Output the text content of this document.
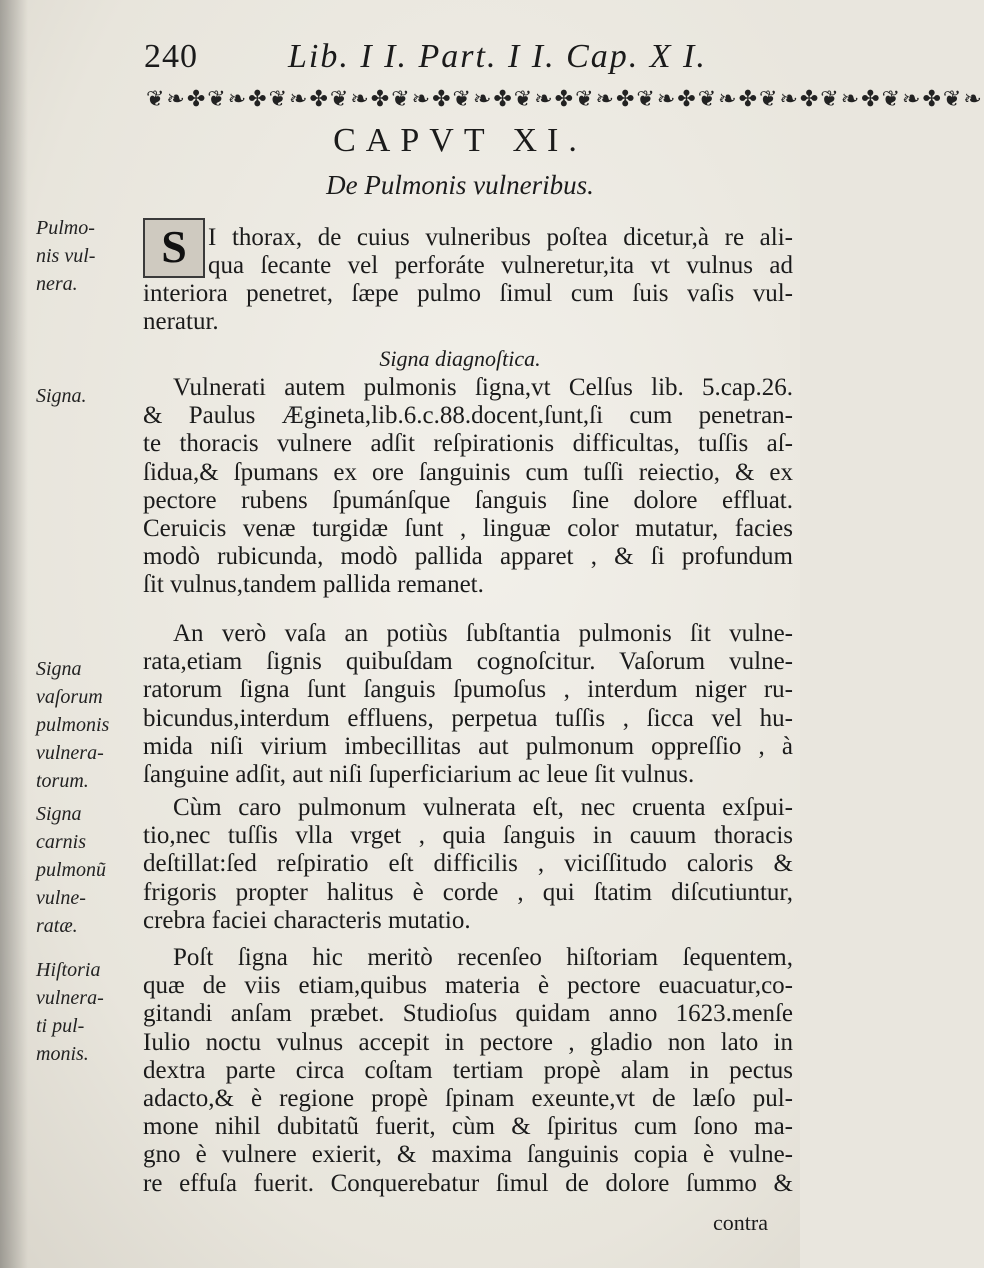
240	Lib. I I. Part. I I. Cap. X I.
❦❧✤❦❧✤❦❧✤❦❧✤❦❧✤❦❧✤❦❧✤❦❧✤❦❧✤❦❧✤❦❧✤❦❧✤❦❧✤❦❧
CAPVT XI.
De Pulmonis vulneribus.
Pulmo-
nis vul-
nera.
Signa.
Signa
vaſorum
pulmonis
vulnera-
torum.
Signa
carnis
pulmonũ
vulne-
ratæ.
Hiſtoria
vulnera-
ti pul-
monis.
S I thorax, de cuius vulneribus poſtea dicetur,à re ali-
qua ſecante vel perforáte vulneretur,ita vt vulnus ad
interiora penetret, ſæpe pulmo ſimul cum ſuis vaſis vul-
neratur.
Signa diagnoſtica.
Vulnerati autem pulmonis ſigna,vt Celſus lib. 5.cap.26.
& Paulus Ægineta,lib.6.c.88.docent,ſunt,ſi cum penetran-
te thoracis vulnere adſit reſpirationis difficultas, tuſſis aſ-
ſidua,& ſpumans ex ore ſanguinis cum tuſſi reiectio, & ex
pectore rubens ſpumánſque ſanguis ſine dolore effluat.
Ceruicis venæ turgidæ ſunt , linguæ color mutatur, facies
modò rubicunda, modò pallida apparet , & ſi profundum
ſit vulnus,tandem pallida remanet.
An verò vaſa an potiùs ſubſtantia pulmonis ſit vulne-
rata,etiam ſignis quibuſdam cognoſcitur. Vaſorum vulne-
ratorum ſigna ſunt ſanguis ſpumoſus , interdum niger ru-
bicundus,interdum effluens, perpetua tuſſis , ſicca vel hu-
mida niſi virium imbecillitas aut pulmonum oppreſſio , à
ſanguine adſit, aut niſi ſuperficiarium ac leue ſit vulnus.
Cùm caro pulmonum vulnerata eſt, nec cruenta exſpui-
tio,nec tuſſis vlla vrget , quia ſanguis in cauum thoracis
deſtillat:ſed reſpiratio eſt difficilis , viciſſitudo caloris &
frigoris propter halitus è corde , qui ſtatim diſcutiuntur,
crebra faciei characteris mutatio.
Poſt ſigna hic meritò recenſeo hiſtoriam ſequentem,
quæ de viis etiam,quibus materia è pectore euacuatur,co-
gitandi anſam præbet. Studioſus quidam anno 1623.menſe
Iulio noctu vulnus accepit in pectore , gladio non lato in
dextra parte circa coſtam tertiam propè alam in pectus
adacto,& è regione propè ſpinam exeunte,vt de læſo pul-
mone nihil dubitatũ fuerit, cùm & ſpiritus cum ſono ma-
gno è vulnere exierit, & maxima ſanguinis copia è vulne-
re effuſa fuerit. Conquerebatur ſimul de dolore ſummo &
contra
